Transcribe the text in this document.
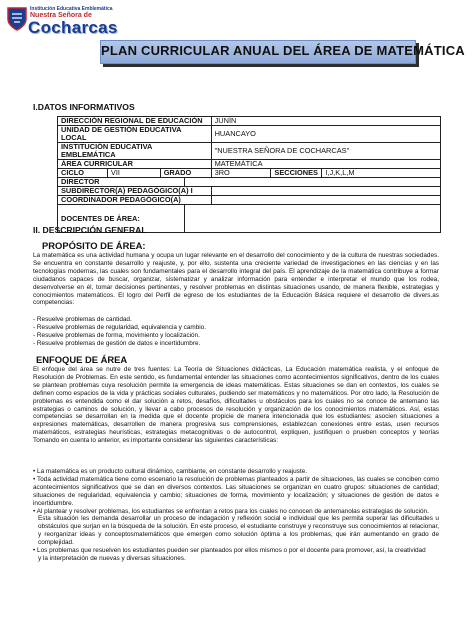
Institución Educativa Emblemática
Nuestra Señora de
Cocharcas
PLAN CURRICULAR ANUAL DEL ÁREA DE MATEMÁTICA
I.DATOS INFORMATIVOS
DIRECCIÓN REGIONAL DE EDUCACIÓN				JUNÍN		
UNIDAD DE GESTIÓN EDUCATIVA LOCAL				HUANCAYO		
INSTITUCIÓN EDUCATIVA EMBLEMÁTICA				"NUESTRA SEÑORA DE COCHARCAS"		
ÁREA CURRICULAR				MATEMÁTICA		
CICLO	VII	GRADO		3RO	SECCIONES	I,J,K,L,M
DIRECTOR						
SUBDIRECTOR(A) PEDAGÓGICO(A) I						
COORDINADOR PEDAGÓGICO(A)						
DOCENTES DE ÁREA:						
II. DESCRIPCIÓN GENERAL
PROPÓSITO DE ÁREA:

La matemática es una actividad humana y ocupa un lugar relevante en el desarrollo del conocimiento y de la cultura de nuestras sociedades. Se encuentra en constante desarrollo y reajuste, y, por ello, sustenta una creciente variedad de investigaciones en las ciencias y en las tecnologías modernas, las cuales son fundamentales para el desarrollo integral del país. El aprendizaje de la matemática contribuye a formar ciudadanos capaces de buscar, organizar, sistematizar y analizar información para entender e interpretar el mundo que los rodea, desenvolverse en él, tomar decisiones pertinentes, y resolver problemas en distintas situaciones usando, de manera flexible, estrategias y conocimientos matemáticos. El logro del Perfil de egreso de los estudiantes de la Educación Básica requiere el desarrollo de divers.as competencias:

- Resuelve problemas de cantidad.
- Resuelve problemas de regularidad, equivalencia y cambio.
- Resuelve problemas de forma, movimiento y localización.
- Resuelve problemas de gestión de datos e incertidumbre.
ENFOQUE DE ÁREA

El enfoque del área se nutre de tres fuentes: La Teoría de Situaciones didácticas, La Educación matemática realista, y el enfoque de Resolución de Problemas. En este sentido, es fundamental entender las situaciones como acontecimientos significativos, dentro de los cuales se plantean problemas cuya resolución permite la emergencia de ideas matemáticas. Estas situaciones se dan en contextos, los cuales se definen como espacios de la vida y prácticas sociales culturales, pudiendo ser matemáticos y no matemáticos. Por otro lado, la Resolución de problemas es entendida como el dar solución a retos, desafíos, dificultades u obstáculos para los cuales no se conoce de antemano las estrategias o caminos de solución, y llevar a cabo procesos de resolución y organización de los conocimientos matemáticos. Así, estas competencias se desarrollan en la medida que el docente propicie de manera intencionada que los estudiantes: asocien situaciones a expresiones matemáticas, desarrollen de manera progresiva sus comprensiones, establezcan conexiones entre estas, usen recursos matemáticos, estrategias heurísticas, estrategias metacognitivas o de autocontrol, expliquen, justifiquen o prueben conceptos y teorías Tomando en cuenta lo anterior, es importante considerar las siguientes características:

• La matemática es un producto cultural dinámico, cambiante, en constante desarrollo y reajuste.
• Toda actividad matemática tiene como escenario la resolución de problemas planteados a partir de situaciones, las cuales se conciben como acontecimientos significativos que se dan en diversos contextos. Las situaciones se organizan en cuatro grupos: situaciones de cantidad; situaciones de regularidad, equivalencia y cambio; situaciones de forma, movimiento y localización; y situaciones de gestión de datos e incertidumbre.
• Al plantear y resolver problemas, los estudiantes se enfrentan a retos para los cuales no conocen de antemanolas estrategias de solución.
Esta situación les demanda desarrollar un proceso de indagación y reflexión social e individual que les permita superar las dificultades u obstáculos que surjan en la búsqueda de la solución. En este proceso, el estudiante construye y reconstruye sus conocimientos al relacionar, y reorganizar ideas y conceptosmatemáticos que emergen como solución óptima a los problemas, que irán aumentando en grado de complejidad.
• Los problemas que resuelven los estudiantes pueden ser planteados por ellos mismos o por el docente para promover, así, la creatividad
y la interpretación de nuevas y diversas situaciones.
